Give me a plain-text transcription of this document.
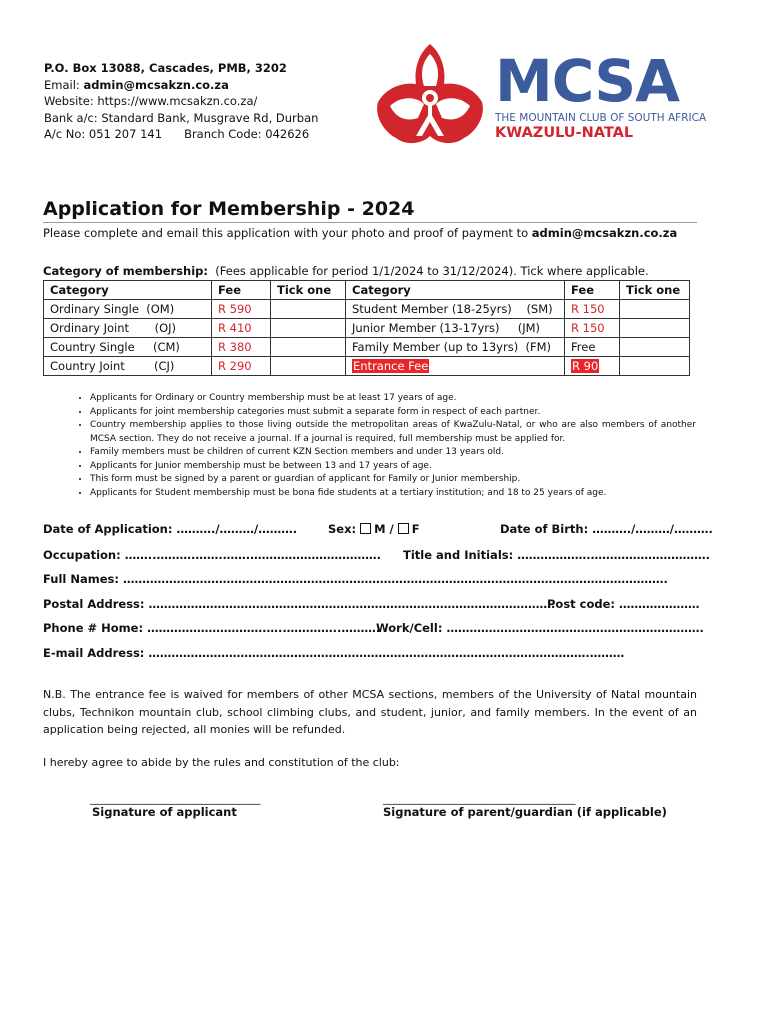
P.O. Box 13088, Cascades, PMB, 3202
Email: admin@mcsakzn.co.za
Website: https://www.mcsakzn.co.za/
Bank a/c: Standard Bank, Musgrave Rd, Durban
A/c No: 051 207 141 Branch Code: 042626
MCSA
THE MOUNTAIN CLUB OF SOUTH AFRICA
KWAZULU-NATAL
Application for Membership - 2024
Please complete and email this application with your photo and proof of payment to admin@mcsakzn.co.za
Category of membership: (Fees applicable for period 1/1/2024 to 31/12/2024). Tick where applicable.
Category	Fee	Tick one	Category	Fee	Tick one
Ordinary Single (OM)	R 590		Student Member (18-25yrs) (SM)	R 150	
Ordinary Joint (OJ)	R 410		Junior Member (13-17yrs) (JM)	R 150	
Country Single (CM)	R 380		Family Member (up to 13yrs) (FM)	Free	
Country Joint (CJ)	R 290		Entrance Fee	R 90	
• Applicants for Ordinary or Country membership must be at least 17 years of age.
• Applicants for joint membership categories must submit a separate form in respect of each partner.
• Country membership applies to those living outside the metropolitan areas of KwaZulu-Natal, or who are also members of another MCSA section. They do not receive a journal. If a journal is required, full membership must be applied for.
• Family members must be children of current KZN Section members and under 13 years old.
• Applicants for Junior membership must be between 13 and 17 years of age.
• This form must be signed by a parent or guardian of applicant for Family or Junior membership.
• Applicants for Student membership must be bona fide students at a tertiary institution; and 18 to 25 years of age.
Date of Application: ………./………/……….	Sex: M / F	Date of Birth: ………./………/……….
Occupation: ……..……….…….…….……………………………. Title and Initials: ……………….………………………….
Full Names: …………………………………………………………………………………………………………………………….
Postal Address: …………………………………………………………………………………………….
Post code: …………………
Phone # Home: ………………………….…..…………..……….
Work/Cell: ………………………………………………………….
E-mail Address: …………………………………………………………………………………………………….………
N.B. The entrance fee is waived for members of other MCSA sections, members of the University of Natal mountain clubs, Technikon mountain club, school climbing clubs, and student, junior, and family members. In the event of an application being rejected, all monies will be refunded.
I hereby agree to abide by the rules and constitution of the club:
_______________________________
Signature of applicant
___________________________________
Signature of parent/guardian (if applicable)
